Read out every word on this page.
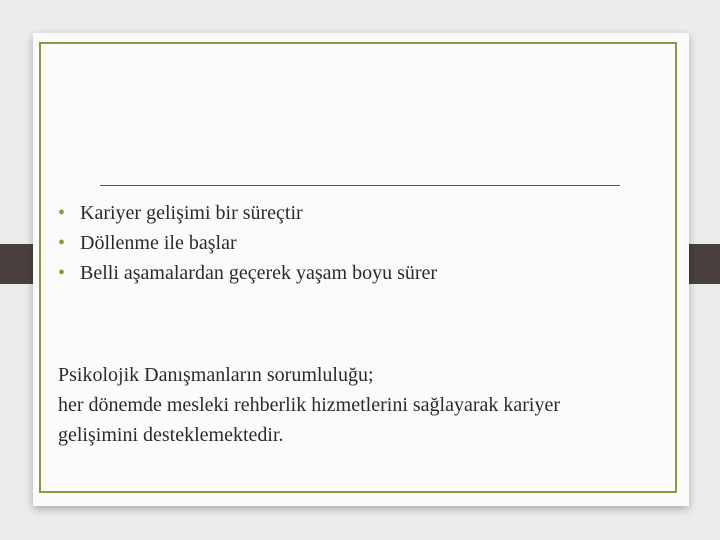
• Kariyer gelişimi bir süreçtir
• Döllenme ile başlar
• Belli aşamalardan geçerek yaşam boyu sürer
Psikolojik Danışmanların sorumluluğu;
her dönemde mesleki rehberlik hizmetlerini sağlayarak kariyer
gelişimini desteklemektedir.
